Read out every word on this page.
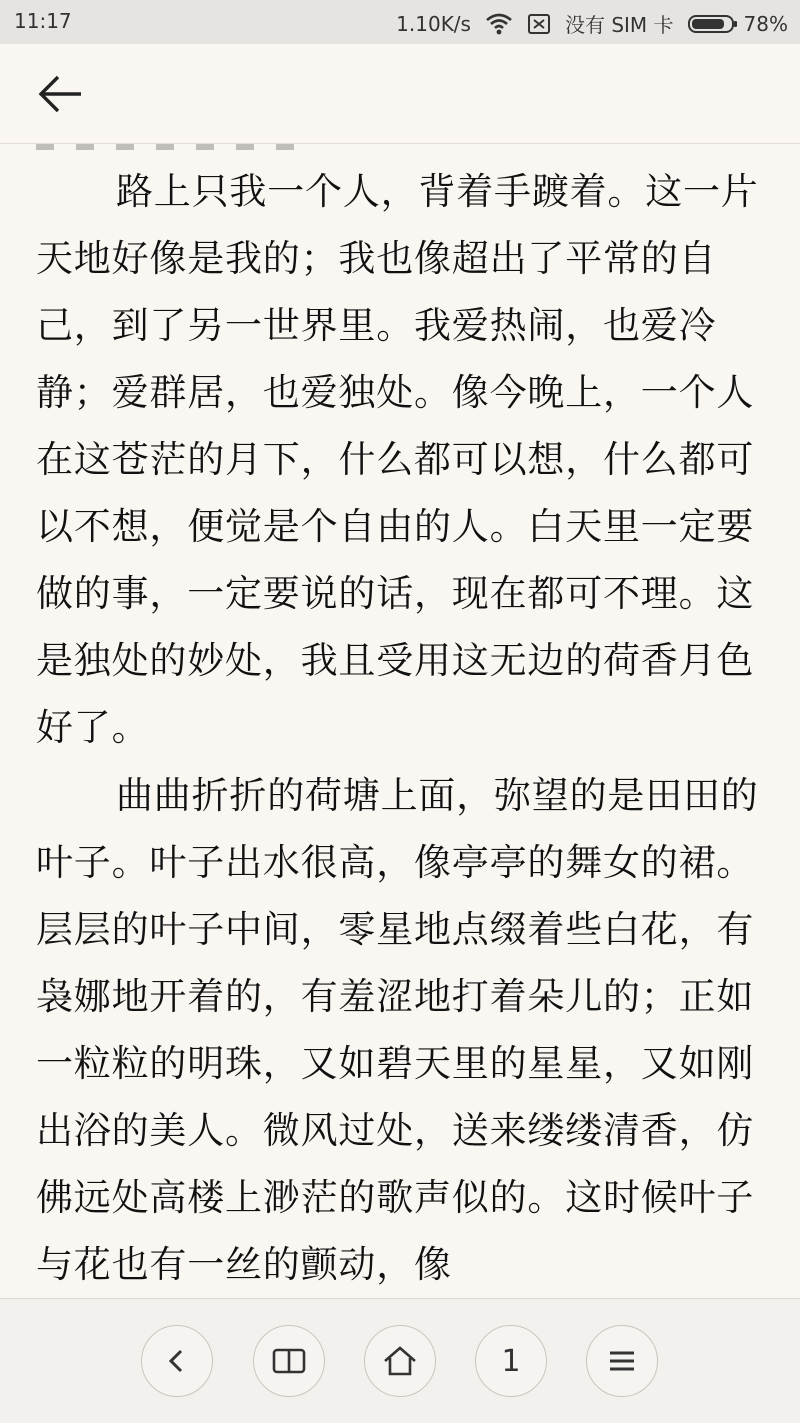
11:17	1.10K/s	没有 SIM 卡	78%

路上只我一个人，背着手踱着。这一片天地好像是我的；我也像超出了平常的自己，到了另一世界里。我爱热闹，也爱冷静；爱群居，也爱独处。像今晚上，一个人在这苍茫的月下，什么都可以想，什么都可以不想，便觉是个自由的人。白天里一定要做的事，一定要说的话，现在都可不理。这是独处的妙处，我且受用这无边的荷香月色好了。

曲曲折折的荷塘上面，弥望的是田田的叶子。叶子出水很高，像亭亭的舞女的裙。层层的叶子中间，零星地点缀着些白花，有袅娜地开着的，有羞涩地打着朵儿的；正如一粒粒的明珠，又如碧天里的星星，又如刚出浴的美人。微风过处，送来缕缕清香，仿佛远处高楼上渺茫的歌声似的。这时候叶子与花也有一丝的颤动，像

1
